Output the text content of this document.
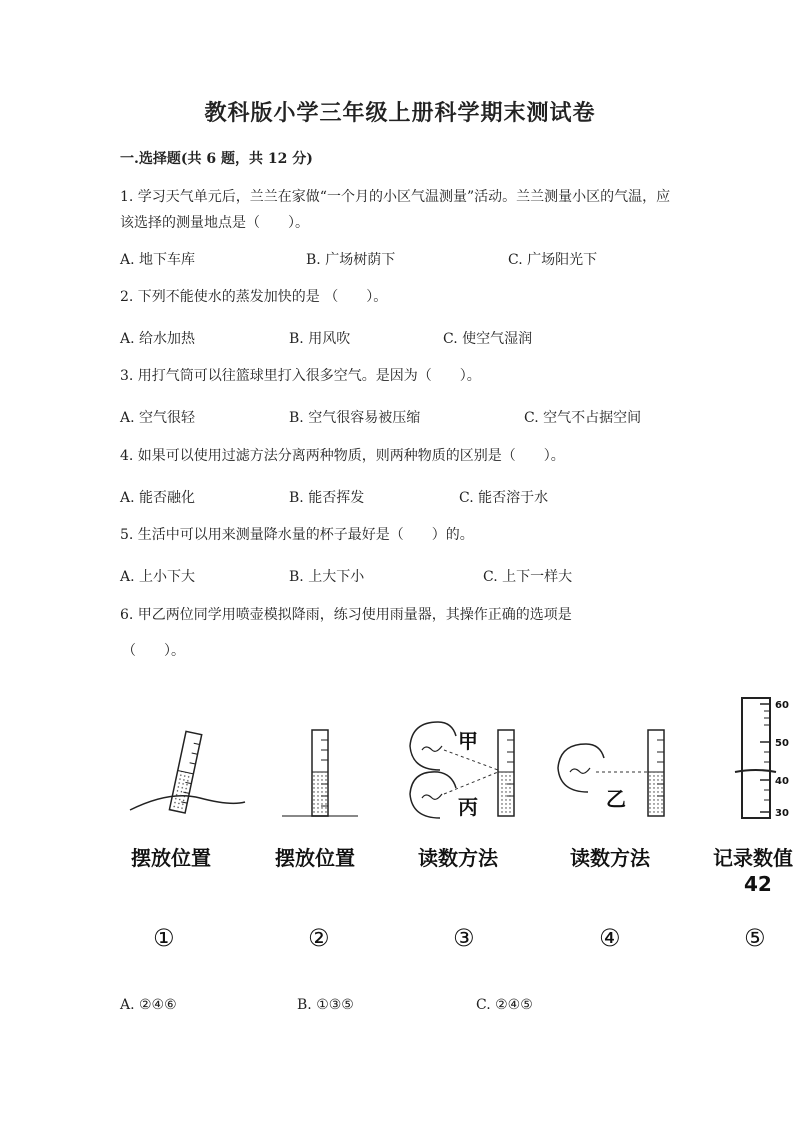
教科版小学三年级上册科学期末测试卷
一.选择题(共 6 题，共 12 分)
1. 学习天气单元后，兰兰在家做“一个月的小区气温测量”活动。兰兰测量小区的气温，应该选择的测量地点是（　　）。
A. 地下车库	B. 广场树荫下	C. 广场阳光下
2. 下列不能使水的蒸发加快的是 （　　）。
A. 给水加热	B. 用风吹	C. 使空气湿润
3. 用打气筒可以往篮球里打入很多空气。是因为（　　）。
A. 空气很轻	B. 空气很容易被压缩	C. 空气不占据空间
4. 如果可以使用过滤方法分离两种物质，则两种物质的区别是（　　）。
A. 能否融化	B. 能否挥发	C. 能否溶于水
5. 生活中可以用来测量降水量的杯子最好是（　　）的。
A. 上小下大	B. 上大下小	C. 上下一样大
6. 甲乙两位同学用喷壶模拟降雨，练习使用雨量器，其操作正确的选项是
（　　）。
甲
丙	乙
60
50
40
30
摆放位置	摆放位置	读数方法	读数方法	记录数值
42
①	②	③	④	⑤
A. ②④⑥	B. ①③⑤	C. ②④⑤
